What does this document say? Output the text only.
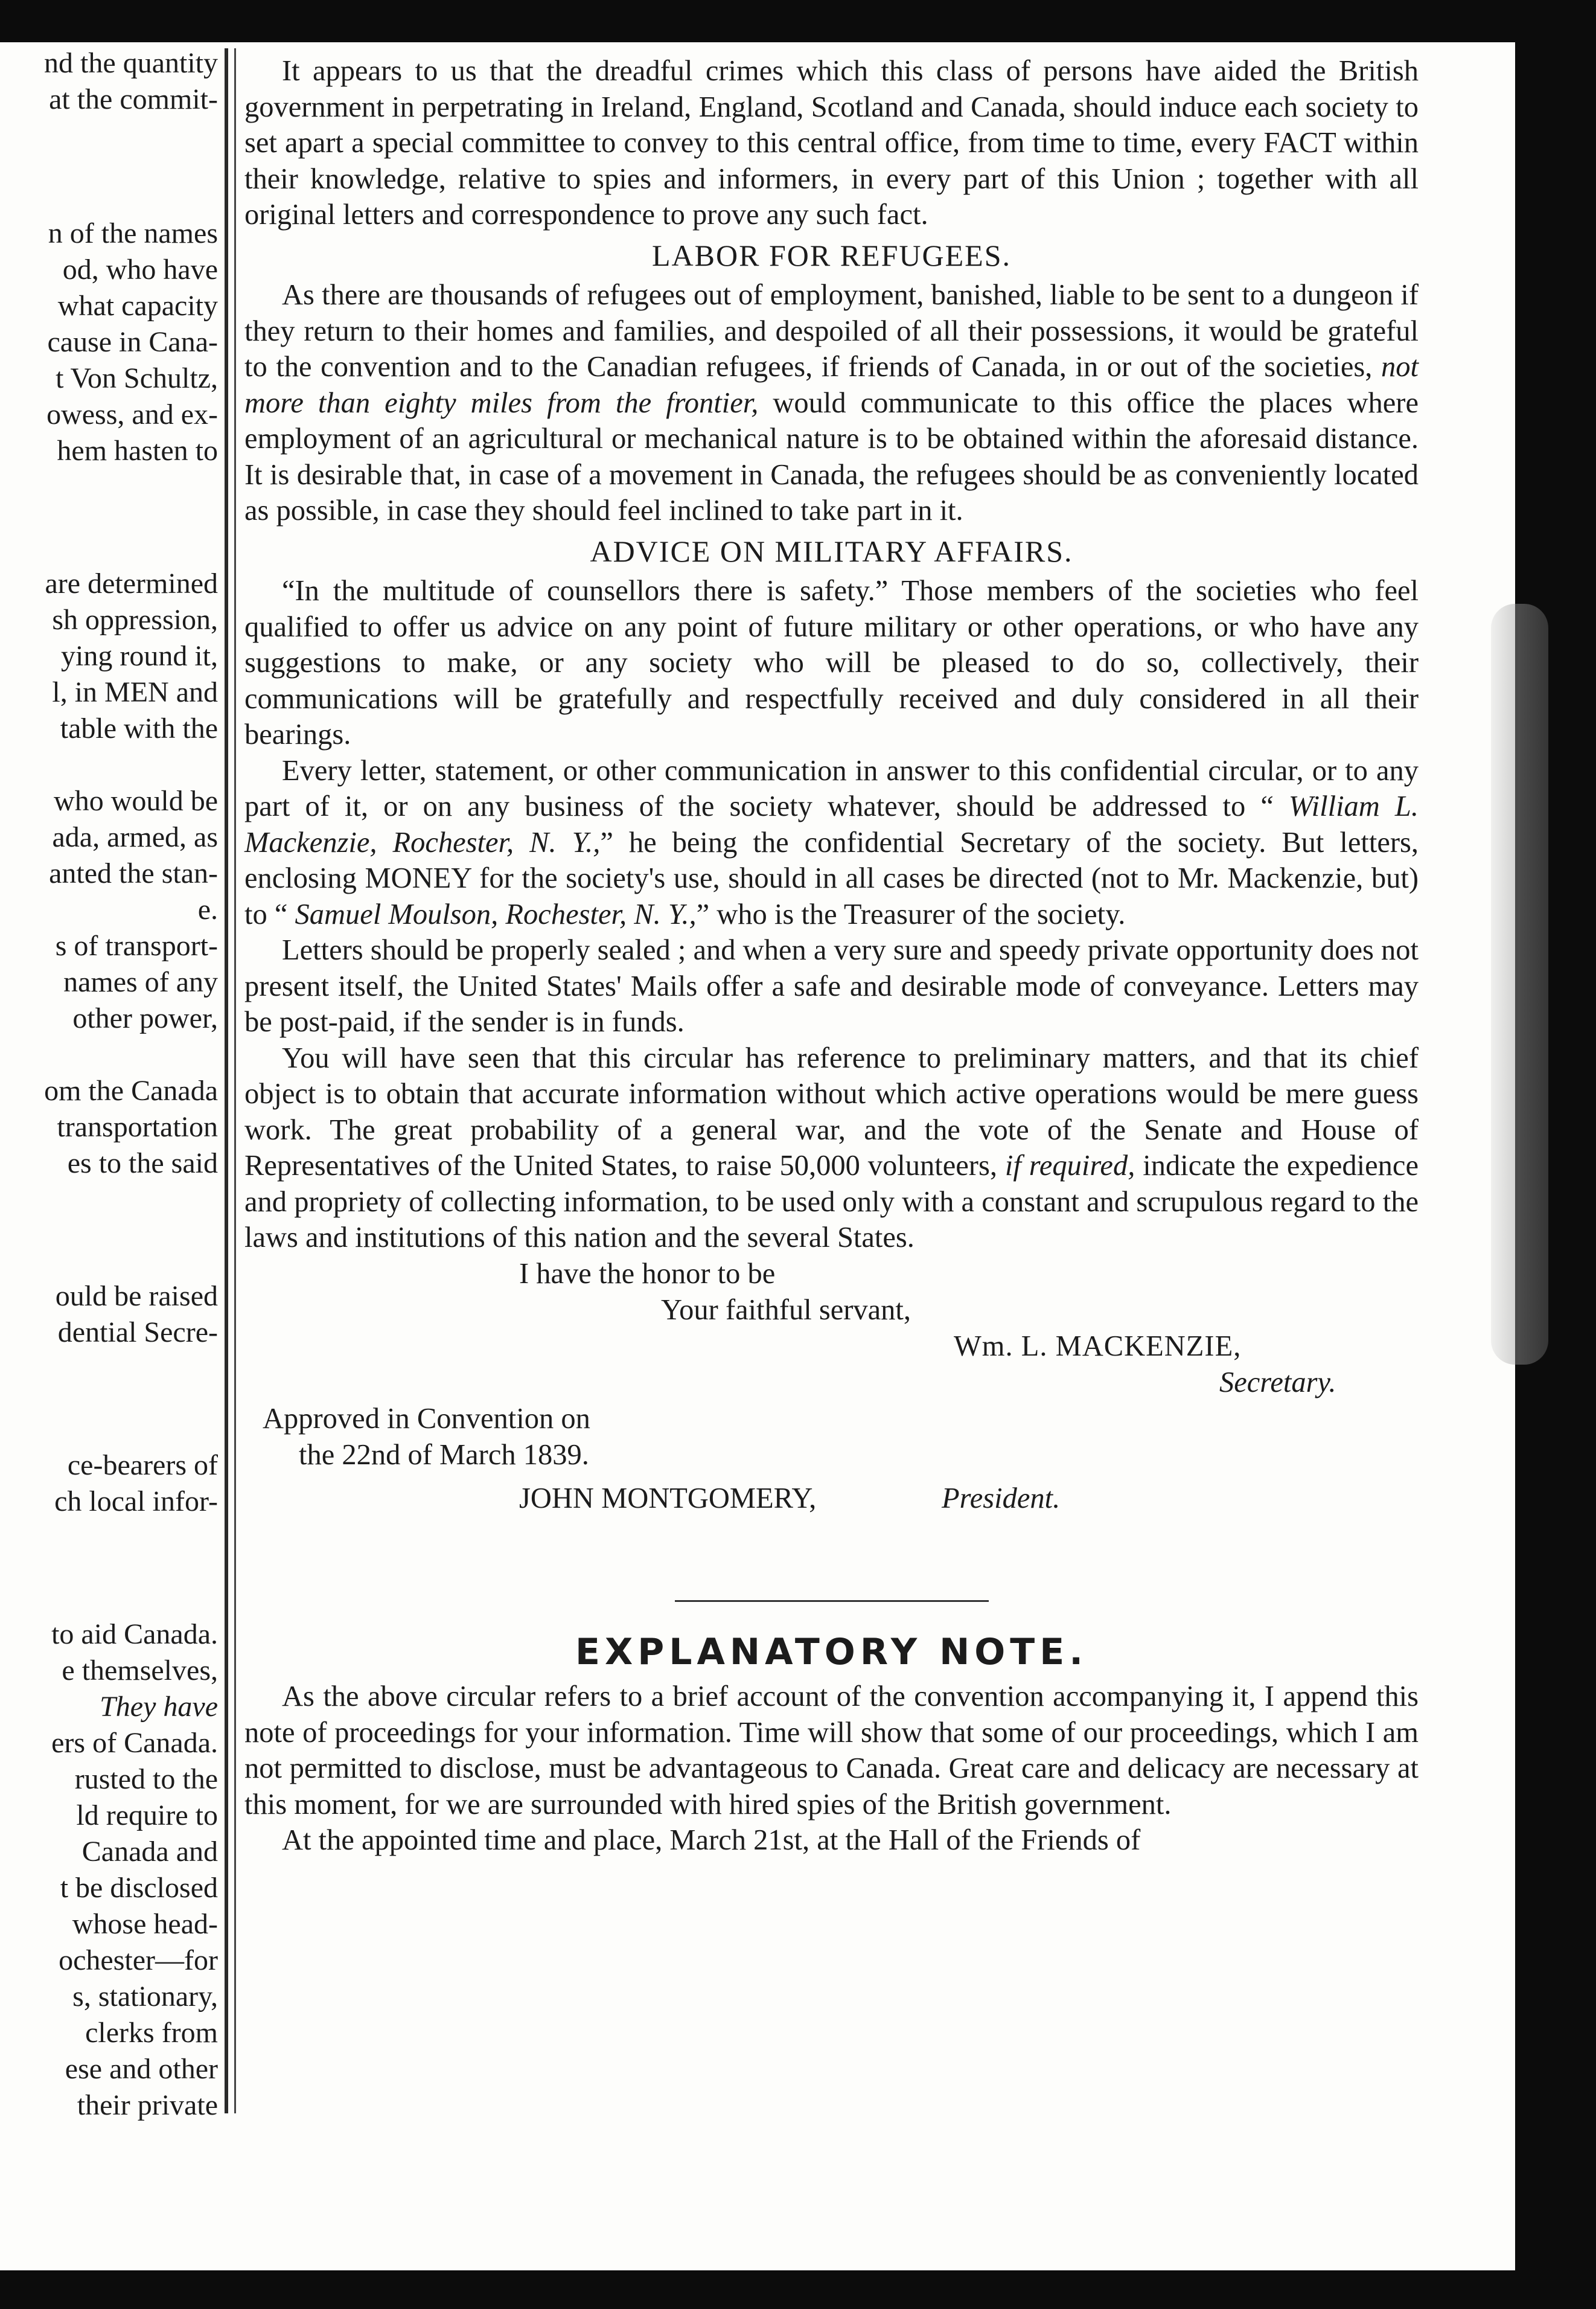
nd the quantity
at the commit-
n of the names
od, who have
what capacity
cause in Cana-
t Von Schultz,
owess, and ex-
hem hasten to
are determined
sh oppression,
ying round it,
l, in MEN and
table with the
who would be
ada, armed, as
anted the stan-
e.
s of transport-
names of any
other power,
om the Canada
transportation
es to the said
ould be raised
dential Secre-
ce-bearers of
ch local infor-
to aid Canada.
e themselves,
They have
ers of Canada.
rusted to the
ld require to
Canada and
t be disclosed
whose head-
ochester—for
s, stationary,
clerks from
ese and other
their private

It appears to us that the dreadful crimes which this class of persons have aided the British government in perpetrating in Ireland, England, Scotland and Canada, should induce each society to set apart a special committee to convey to this central office, from time to time, every FACT within their knowledge, relative to spies and informers, in every part of this Union ; together with all original letters and correspondence to prove any such fact.

LABOR FOR REFUGEES.

As there are thousands of refugees out of employment, banished, liable to be sent to a dungeon if they return to their homes and families, and despoiled of all their possessions, it would be grateful to the convention and to the Canadian refugees, if friends of Canada, in or out of the societies, not more than eighty miles from the frontier, would communicate to this office the places where employment of an agricultural or mechanical nature is to be obtained within the aforesaid distance. It is desirable that, in case of a movement in Canada, the refugees should be as conveniently located as possible, in case they should feel inclined to take part in it.

ADVICE ON MILITARY AFFAIRS.

“In the multitude of counsellors there is safety.” Those members of the societies who feel qualified to offer us advice on any point of future military or other operations, or who have any suggestions to make, or any society who will be pleased to do so, collectively, their communications will be gratefully and respectfully received and duly considered in all their bearings.

Every letter, statement, or other communication in answer to this confidential circular, or to any part of it, or on any business of the society whatever, should be addressed to “ William L. Mackenzie, Rochester, N. Y.,” he being the confidential Secretary of the society. But letters, enclosing MONEY for the society's use, should in all cases be directed (not to Mr. Mackenzie, but) to “ Samuel Moulson, Rochester, N. Y.,” who is the Treasurer of the society.

Letters should be properly sealed ; and when a very sure and speedy private opportunity does not present itself, the United States' Mails offer a safe and desirable mode of conveyance. Letters may be post-paid, if the sender is in funds.

You will have seen that this circular has reference to preliminary matters, and that its chief object is to obtain that accurate information without which active operations would be mere guess work. The great probability of a general war, and the vote of the Senate and House of Representatives of the United States, to raise 50,000 volunteers, if required, indicate the expedience and propriety of collecting information, to be used only with a constant and scrupulous regard to the laws and institutions of this nation and the several States.

I have the honor to be
Your faithful servant,
Wm. L. MACKENZIE,
Secretary.
Approved in Convention on
the 22nd of March 1839.
JOHN MONTGOMERY,	President.
EXPLANATORY NOTE.

As the above circular refers to a brief account of the convention accompanying it, I append this note of proceedings for your information. Time will show that some of our proceedings, which I am not permitted to disclose, must be advantageous to Canada. Great care and delicacy are necessary at this moment, for we are surrounded with hired spies of the British government.

At the appointed time and place, March 21st, at the Hall of the Friends of
